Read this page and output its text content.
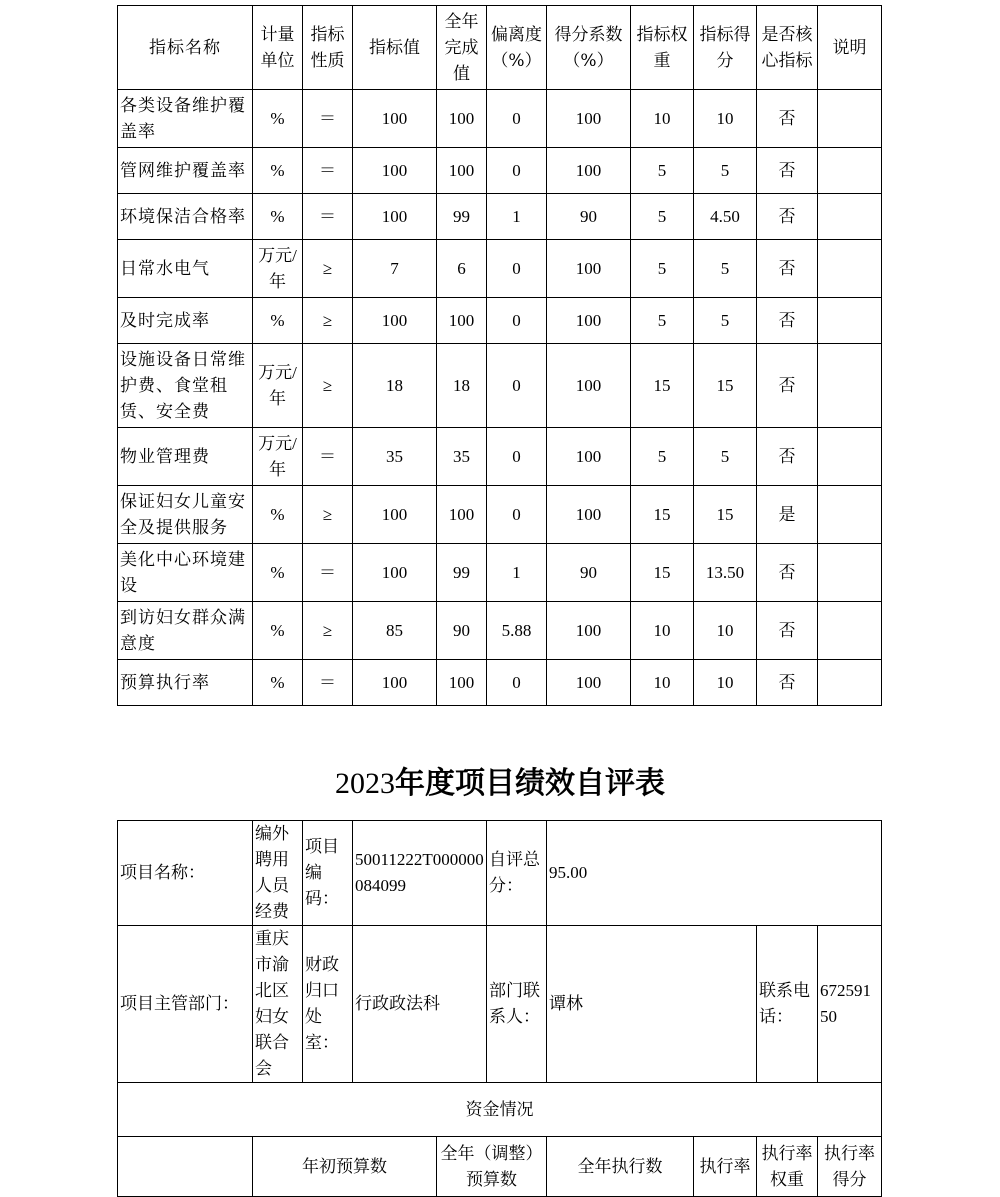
指标名称	计量单位	指标性质	指标值	全年完成值	偏离度（%）	得分系数（%）	指标权重	指标得分	是否核心指标	说明
各类设备维护覆盖率	%	＝	100	100	0	100	10	10	否	
管网维护覆盖率	%	＝	100	100	0	100	5	5	否	
环境保洁合格率	%	＝	100	99	1	90	5	4.50	否	
日常水电气	万元/年	≥	7	6	0	100	5	5	否	
及时完成率	%	≥	100	100	0	100	5	5	否	
设施设备日常维护费、食堂租赁、安全费	万元/年	≥	18	18	0	100	15	15	否	
物业管理费	万元/年	＝	35	35	0	100	5	5	否	
保证妇女儿童安全及提供服务	%	≥	100	100	0	100	15	15	是	
美化中心环境建设	%	＝	100	99	1	90	15	13.50	否	
到访妇女群众满意度	%	≥	85	90	5.88	100	10	10	否	
预算执行率	%	＝	100	100	0	100	10	10	否	
2023年度项目绩效自评表
项目名称：	编外聘用人员经费	项目编码：	50011222T000000084099		自评总分：	95.00			
项目主管部门：	重庆市渝北区妇女联合会	财政归口处室：	行政政法科		部门联系人：	谭林		联系电话：	67259150
资金情况									
	年初预算数			全年（调整）预算数		全年执行数	执行率	执行率权重	执行率得分
